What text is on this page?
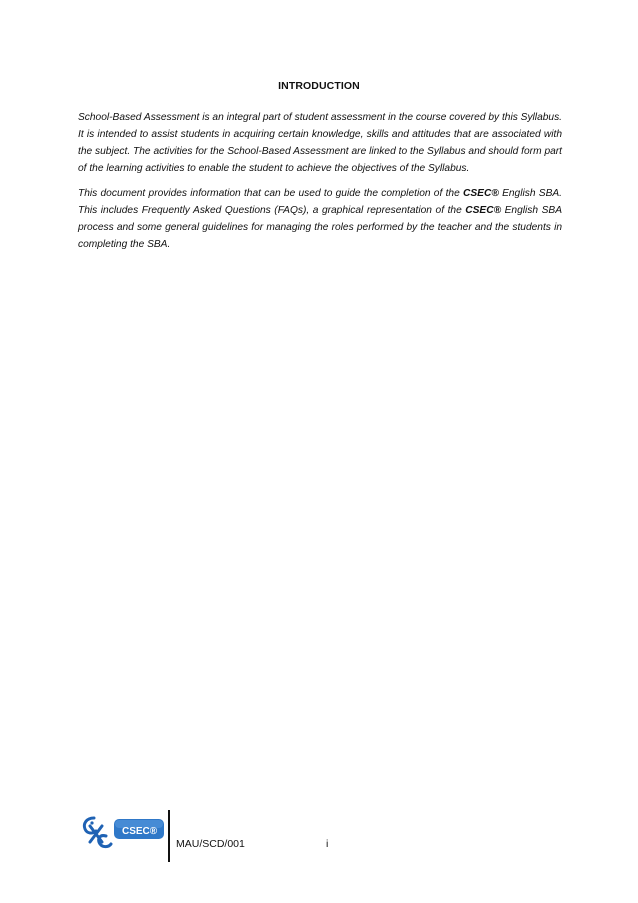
INTRODUCTION
School-Based Assessment is an integral part of student assessment in the course covered by this Syllabus. It is intended to assist students in acquiring certain knowledge, skills and attitudes that are associated with the subject. The activities for the School-Based Assessment are linked to the Syllabus and should form part of the learning activities to enable the student to achieve the objectives of the Syllabus.
This document provides information that can be used to guide the completion of the CSEC® English SBA. This includes Frequently Asked Questions (FAQs), a graphical representation of the CSEC® English SBA process and some general guidelines for managing the roles performed by the teacher and the students in completing the SBA.
CSEC®
MAU/SCD/001	i
